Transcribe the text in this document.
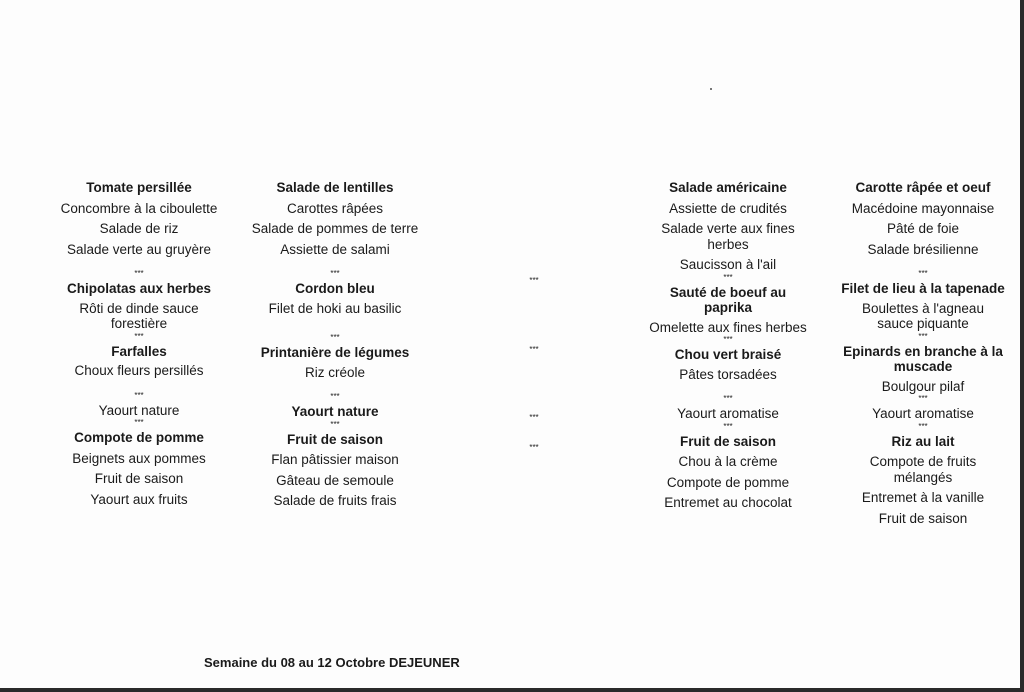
Tomate persillée
Concombre à la ciboulette
Salade de riz
Salade verte au gruyère
***
Chipolatas aux herbes
Rôti de dinde sauce forestière
***
Farfalles
Choux fleurs persillés
***
Yaourt nature
***
Compote de pomme
Beignets aux pommes
Fruit de saison
Yaourt aux fruits
Salade de lentilles
Carottes râpées
Salade de pommes de terre
Assiette de salami
***
Cordon bleu
Filet de hoki au basilic
***
Printanière de légumes
Riz créole
***
Yaourt nature
***
Fruit de saison
Flan pâtissier maison
Gâteau de semoule
Salade de fruits frais
***
***
***
***
Salade américaine
Assiette de crudités
Salade verte aux fines herbes
Saucisson à l'ail
***
Sauté de boeuf au paprika
Omelette aux fines herbes
***
Chou vert braisé
Pâtes torsadées
***
Yaourt aromatise
***
Fruit de saison
Chou à la crème
Compote de pomme
Entremet au chocolat
Carotte râpée et oeuf
Macédoine mayonnaise
Pâté de foie
Salade brésilienne
***
Filet de lieu à la tapenade
Boulettes à l'agneau sauce piquante
***
Epinards en branche à la muscade
Boulgour pilaf
***
Yaourt aromatise
***
Riz au lait
Compote de fruits mélangés
Entremet à la vanille
Fruit de saison
Semaine du 08 au 12 Octobre DEJEUNER
